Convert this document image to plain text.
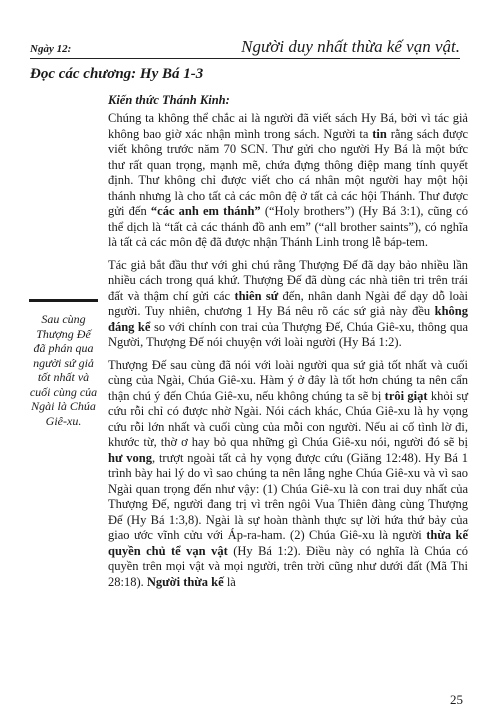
Ngày 12:	Người duy nhất thừa kế vạn vật.
Đọc các chương: Hy Bá 1-3
Kiến thức Thánh Kinh:

Chúng ta không thể chắc ai là người đã viết sách Hy Bá, bởi vì tác giả không bao giờ xác nhận mình trong sách. Người ta tin rằng sách được viết không trước năm 70 SCN. Thư gửi cho người Hy Bá là một bức thư rất quan trọng, mạnh mẽ, chứa đựng thông điệp mang tính quyết định. Thư không chỉ được viết cho cá nhân một người hay một hội thánh nhưng là cho tất cả các môn đệ ở tất cả các hội Thánh. Thư được gửi đến “các anh em thánh” (“Holy brothers”) (Hy Bá 3:1), cũng có thể dịch là “tất cả các thánh đồ anh em” (“all brother saints”), có nghĩa là tất cả các môn đệ đã được nhận Thánh Linh trong lễ báp-tem.

Tác giả bắt đầu thư với ghi chú rằng Thượng Đế đã dạy bảo nhiều lần nhiều cách trong quá khứ. Thượng Đế đã dùng các nhà tiên tri trên trái đất và thậm chí gửi các thiên sứ đến, nhân danh Ngài để dạy dỗ loài người. Tuy nhiên, chương 1 Hy Bá nêu rõ các sứ giả này đều không đáng kể so với chính con trai của Thượng Đế, Chúa Giê-xu, thông qua Người, Thượng Đế nói chuyện với loài người (Hy Bá 1:2).

Thượng Đế sau cùng đã nói với loài người qua sứ giả tốt nhất và cuối cùng của Ngài, Chúa Giê-xu. Hàm ý ở đây là tốt hơn chúng ta nên cẩn thận chú ý đến Chúa Giê-xu, nếu không chúng ta sẽ bị trôi giạt khỏi sự cứu rỗi chỉ có được nhờ Ngài. Nói cách khác, Chúa Giê-xu là hy vọng cứu rỗi lớn nhất và cuối cùng của mỗi con người. Nếu ai cố tình lờ đi, khước từ, thờ ơ hay bỏ qua những gì Chúa Giê-xu nói, người đó sẽ bị hư vong, trượt ngoài tất cả hy vọng được cứu (Giăng 12:48). Hy Bá 1 trình bày hai lý do vì sao chúng ta nên lắng nghe Chúa Giê-xu và vì sao Ngài quan trọng đến như vậy: (1) Chúa Giê-xu là con trai duy nhất của Thượng Đế, người đang trị vì trên ngôi Vua Thiên đàng cùng Thượng Đế (Hy Bá 1:3,8). Ngài là sự hoàn thành thực sự lời hứa thứ bảy của giao ước vĩnh cửu với Áp-ra-ham. (2) Chúa Giê-xu là người thừa kế quyền chủ tể vạn vật (Hy Bá 1:2). Điều này có nghĩa là Chúa có quyền trên mọi vật và mọi người, trên trời cũng như dưới đất (Mã Thi 28:18). Người thừa kế là

Sau cùng Thượng Đế đã phán qua người sứ giả tốt nhất và cuối cùng của Ngài là Chúa Giê-xu.

25
